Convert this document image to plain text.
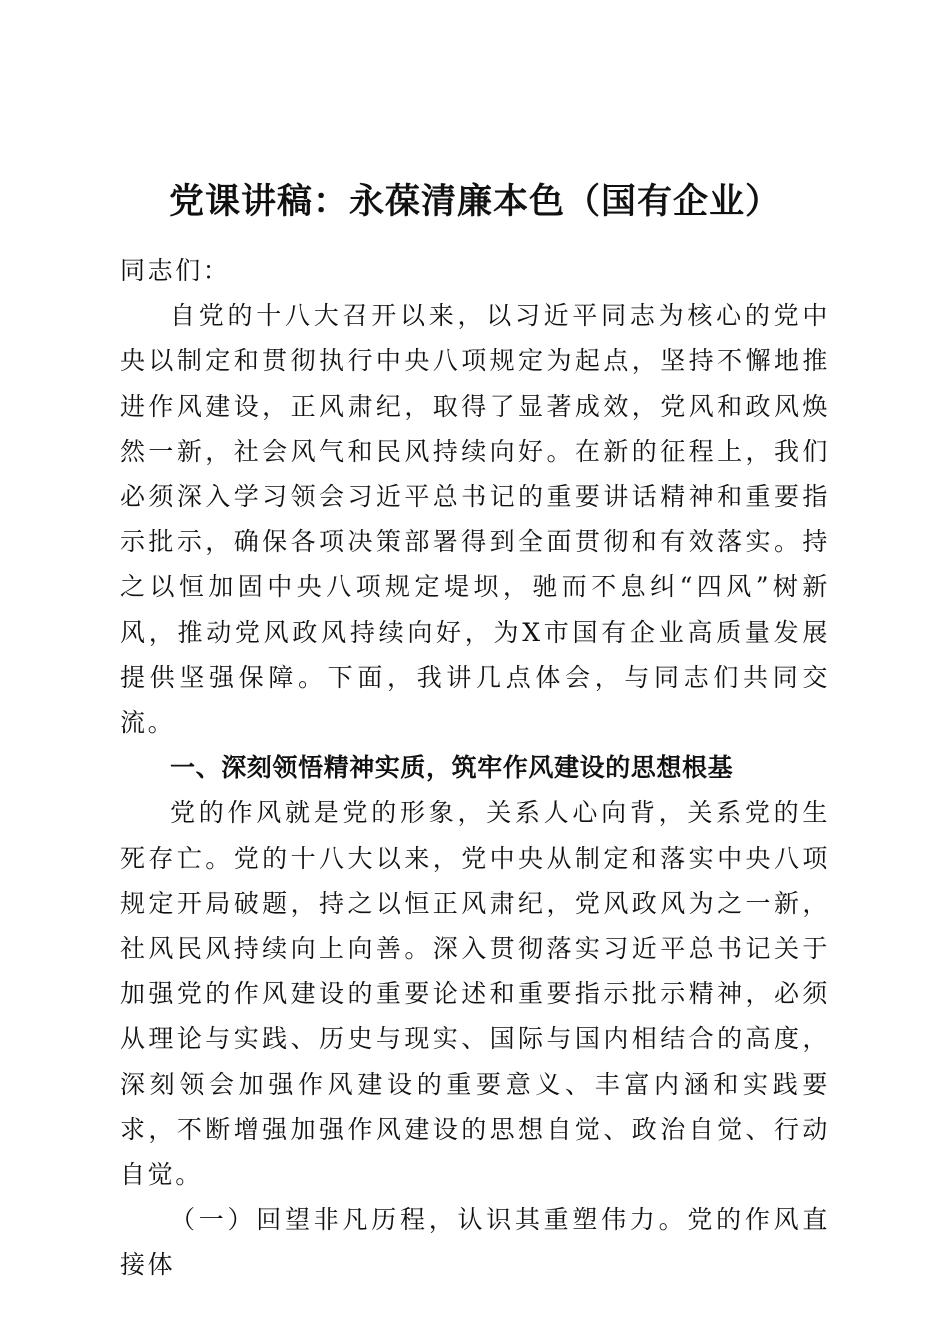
党课讲稿：永葆清廉本色（国有企业）

同志们：

自党的十八大召开以来，以习近平同志为核心的党中央以制定和贯彻执行中央八项规定为起点，坚持不懈地推进作风建设，正风肃纪，取得了显著成效，党风和政风焕然一新，社会风气和民风持续向好。在新的征程上，我们必须深入学习领会习近平总书记的重要讲话精神和重要指示批示，确保各项决策部署得到全面贯彻和有效落实。持之以恒加固中央八项规定堤坝，驰而不息纠“四风”树新风，推动党风政风持续向好，为X市国有企业高质量发展提供坚强保障。下面，我讲几点体会，与同志们共同交流。

一、深刻领悟精神实质，筑牢作风建设的思想根基

党的作风就是党的形象，关系人心向背，关系党的生死存亡。党的十八大以来，党中央从制定和落实中央八项规定开局破题，持之以恒正风肃纪，党风政风为之一新，社风民风持续向上向善。深入贯彻落实习近平总书记关于加强党的作风建设的重要论述和重要指示批示精神，必须从理论与实践、历史与现实、国际与国内相结合的高度，深刻领会加强作风建设的重要意义、丰富内涵和实践要求，不断增强加强作风建设的思想自觉、政治自觉、行动自觉。

（一）回望非凡历程，认识其重塑伟力。党的作风直接体
